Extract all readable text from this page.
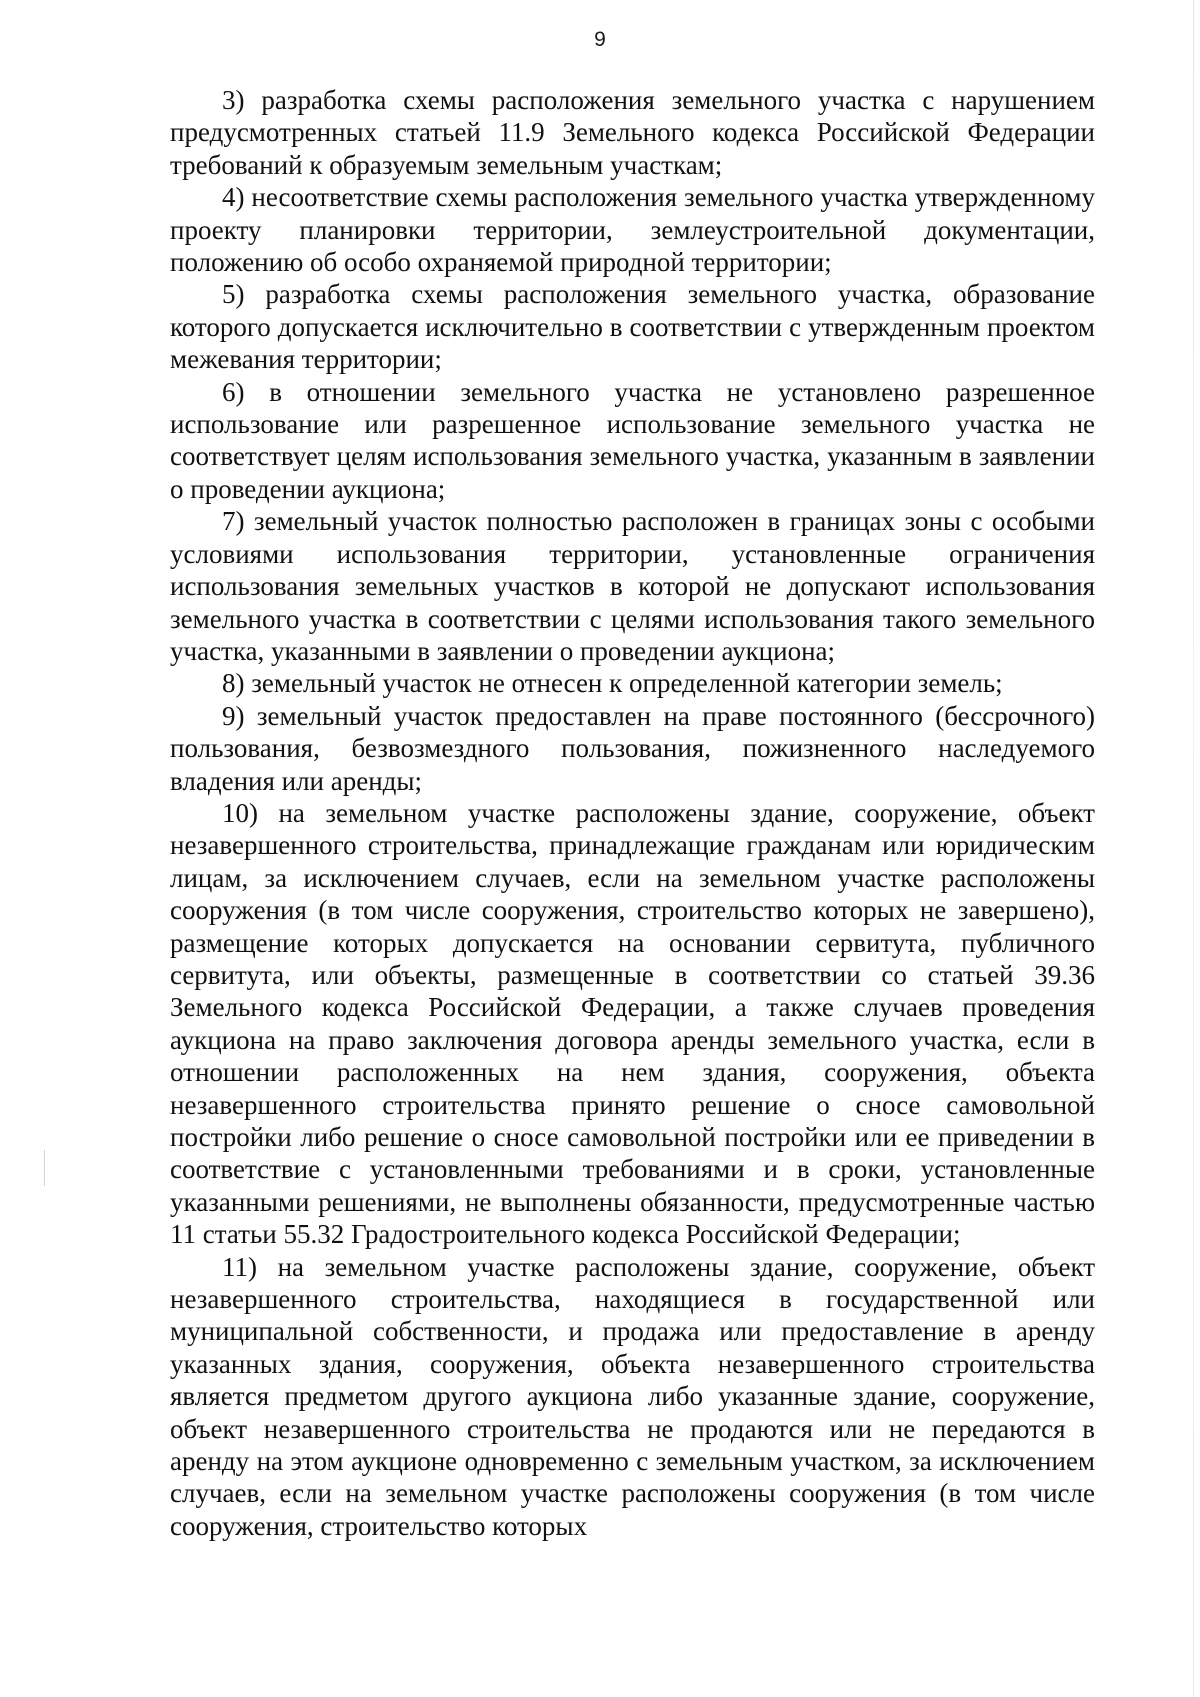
9

3) разработка схемы расположения земельного участка с нарушением предусмотренных статьей 11.9 Земельного кодекса Российской Федерации требований к образуемым земельным участкам;

4) несоответствие схемы расположения земельного участка утвержденному проекту планировки территории, землеустроительной документации, положению об особо охраняемой природной территории;

5) разработка схемы расположения земельного участка, образование которого допускается исключительно в соответствии с утвержденным проектом межевания территории;

6) в отношении земельного участка не установлено разрешенное использование или разрешенное использование земельного участка не соответствует целям использования земельного участка, указанным в заявлении о проведении аукциона;

7) земельный участок полностью расположен в границах зоны с особыми условиями использования территории, установленные ограничения использования земельных участков в которой не допускают использования земельного участка в соответствии с целями использования такого земельного участка, указанными в заявлении о проведении аукциона;

8) земельный участок не отнесен к определенной категории земель;

9) земельный участок предоставлен на праве постоянного (бессрочного) пользования, безвозмездного пользования, пожизненного наследуемого владения или аренды;

10) на земельном участке расположены здание, сооружение, объект незавершенного строительства, принадлежащие гражданам или юридическим лицам, за исключением случаев, если на земельном участке расположены сооружения (в том числе сооружения, строительство которых не завершено), размещение которых допускается на основании сервитута, публичного сервитута, или объекты, размещенные в соответствии со статьей 39.36 Земельного кодекса Российской Федерации, а также случаев проведения аукциона на право заключения договора аренды земельного участка, если в отношении расположенных на нем здания, сооружения, объекта незавершенного строительства принято решение о сносе самовольной постройки либо решение о сносе самовольной постройки или ее приведении в соответствие с установленными требованиями и в сроки, установленные указанными решениями, не выполнены обязанности, предусмотренные частью 11 статьи 55.32 Градостроительного кодекса Российской Федерации;

11) на земельном участке расположены здание, сооружение, объект незавершенного строительства, находящиеся в государственной или муниципальной собственности, и продажа или предоставление в аренду указанных здания, сооружения, объекта незавершенного строительства является предметом другого аукциона либо указанные здание, сооружение, объект незавершенного строительства не продаются или не передаются в аренду на этом аукционе одновременно с земельным участком, за исключением случаев, если на земельном участке расположены сооружения (в том числе сооружения, строительство которых
